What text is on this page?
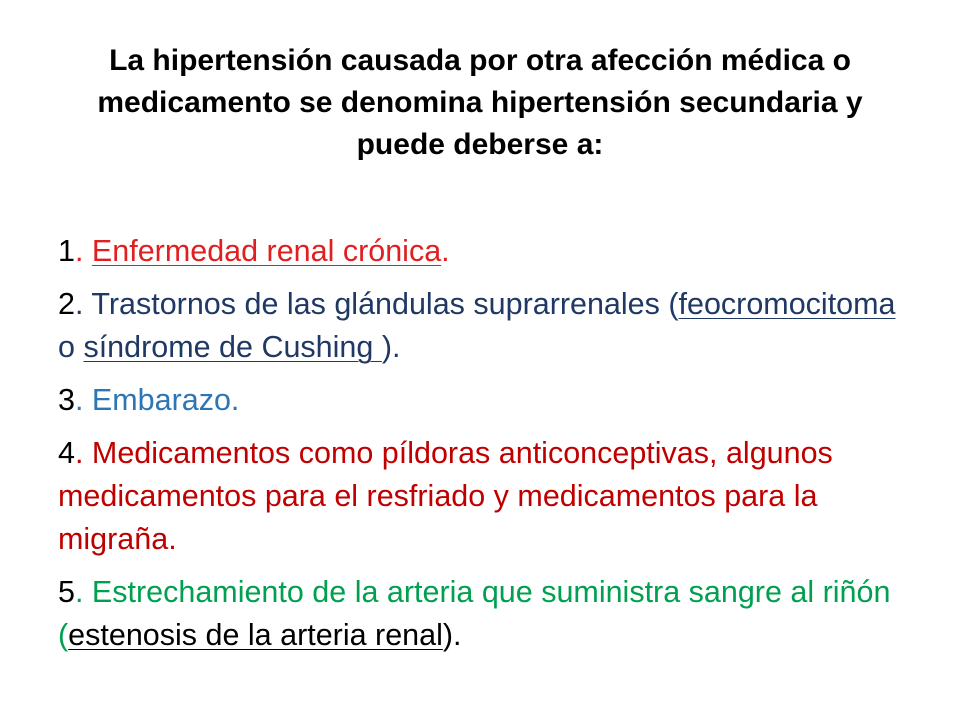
La hipertensión causada por otra afección médica o medicamento se denomina hipertensión secundaria y puede deberse a:
1. Enfermedad renal crónica.
2. Trastornos de las glándulas suprarrenales (feocromocitoma o síndrome de Cushing ).
3. Embarazo.
4. Medicamentos como píldoras anticonceptivas, algunos medicamentos para el resfriado y medicamentos para la migraña.
5. Estrechamiento de la arteria que suministra sangre al riñón (estenosis de la arteria renal).
